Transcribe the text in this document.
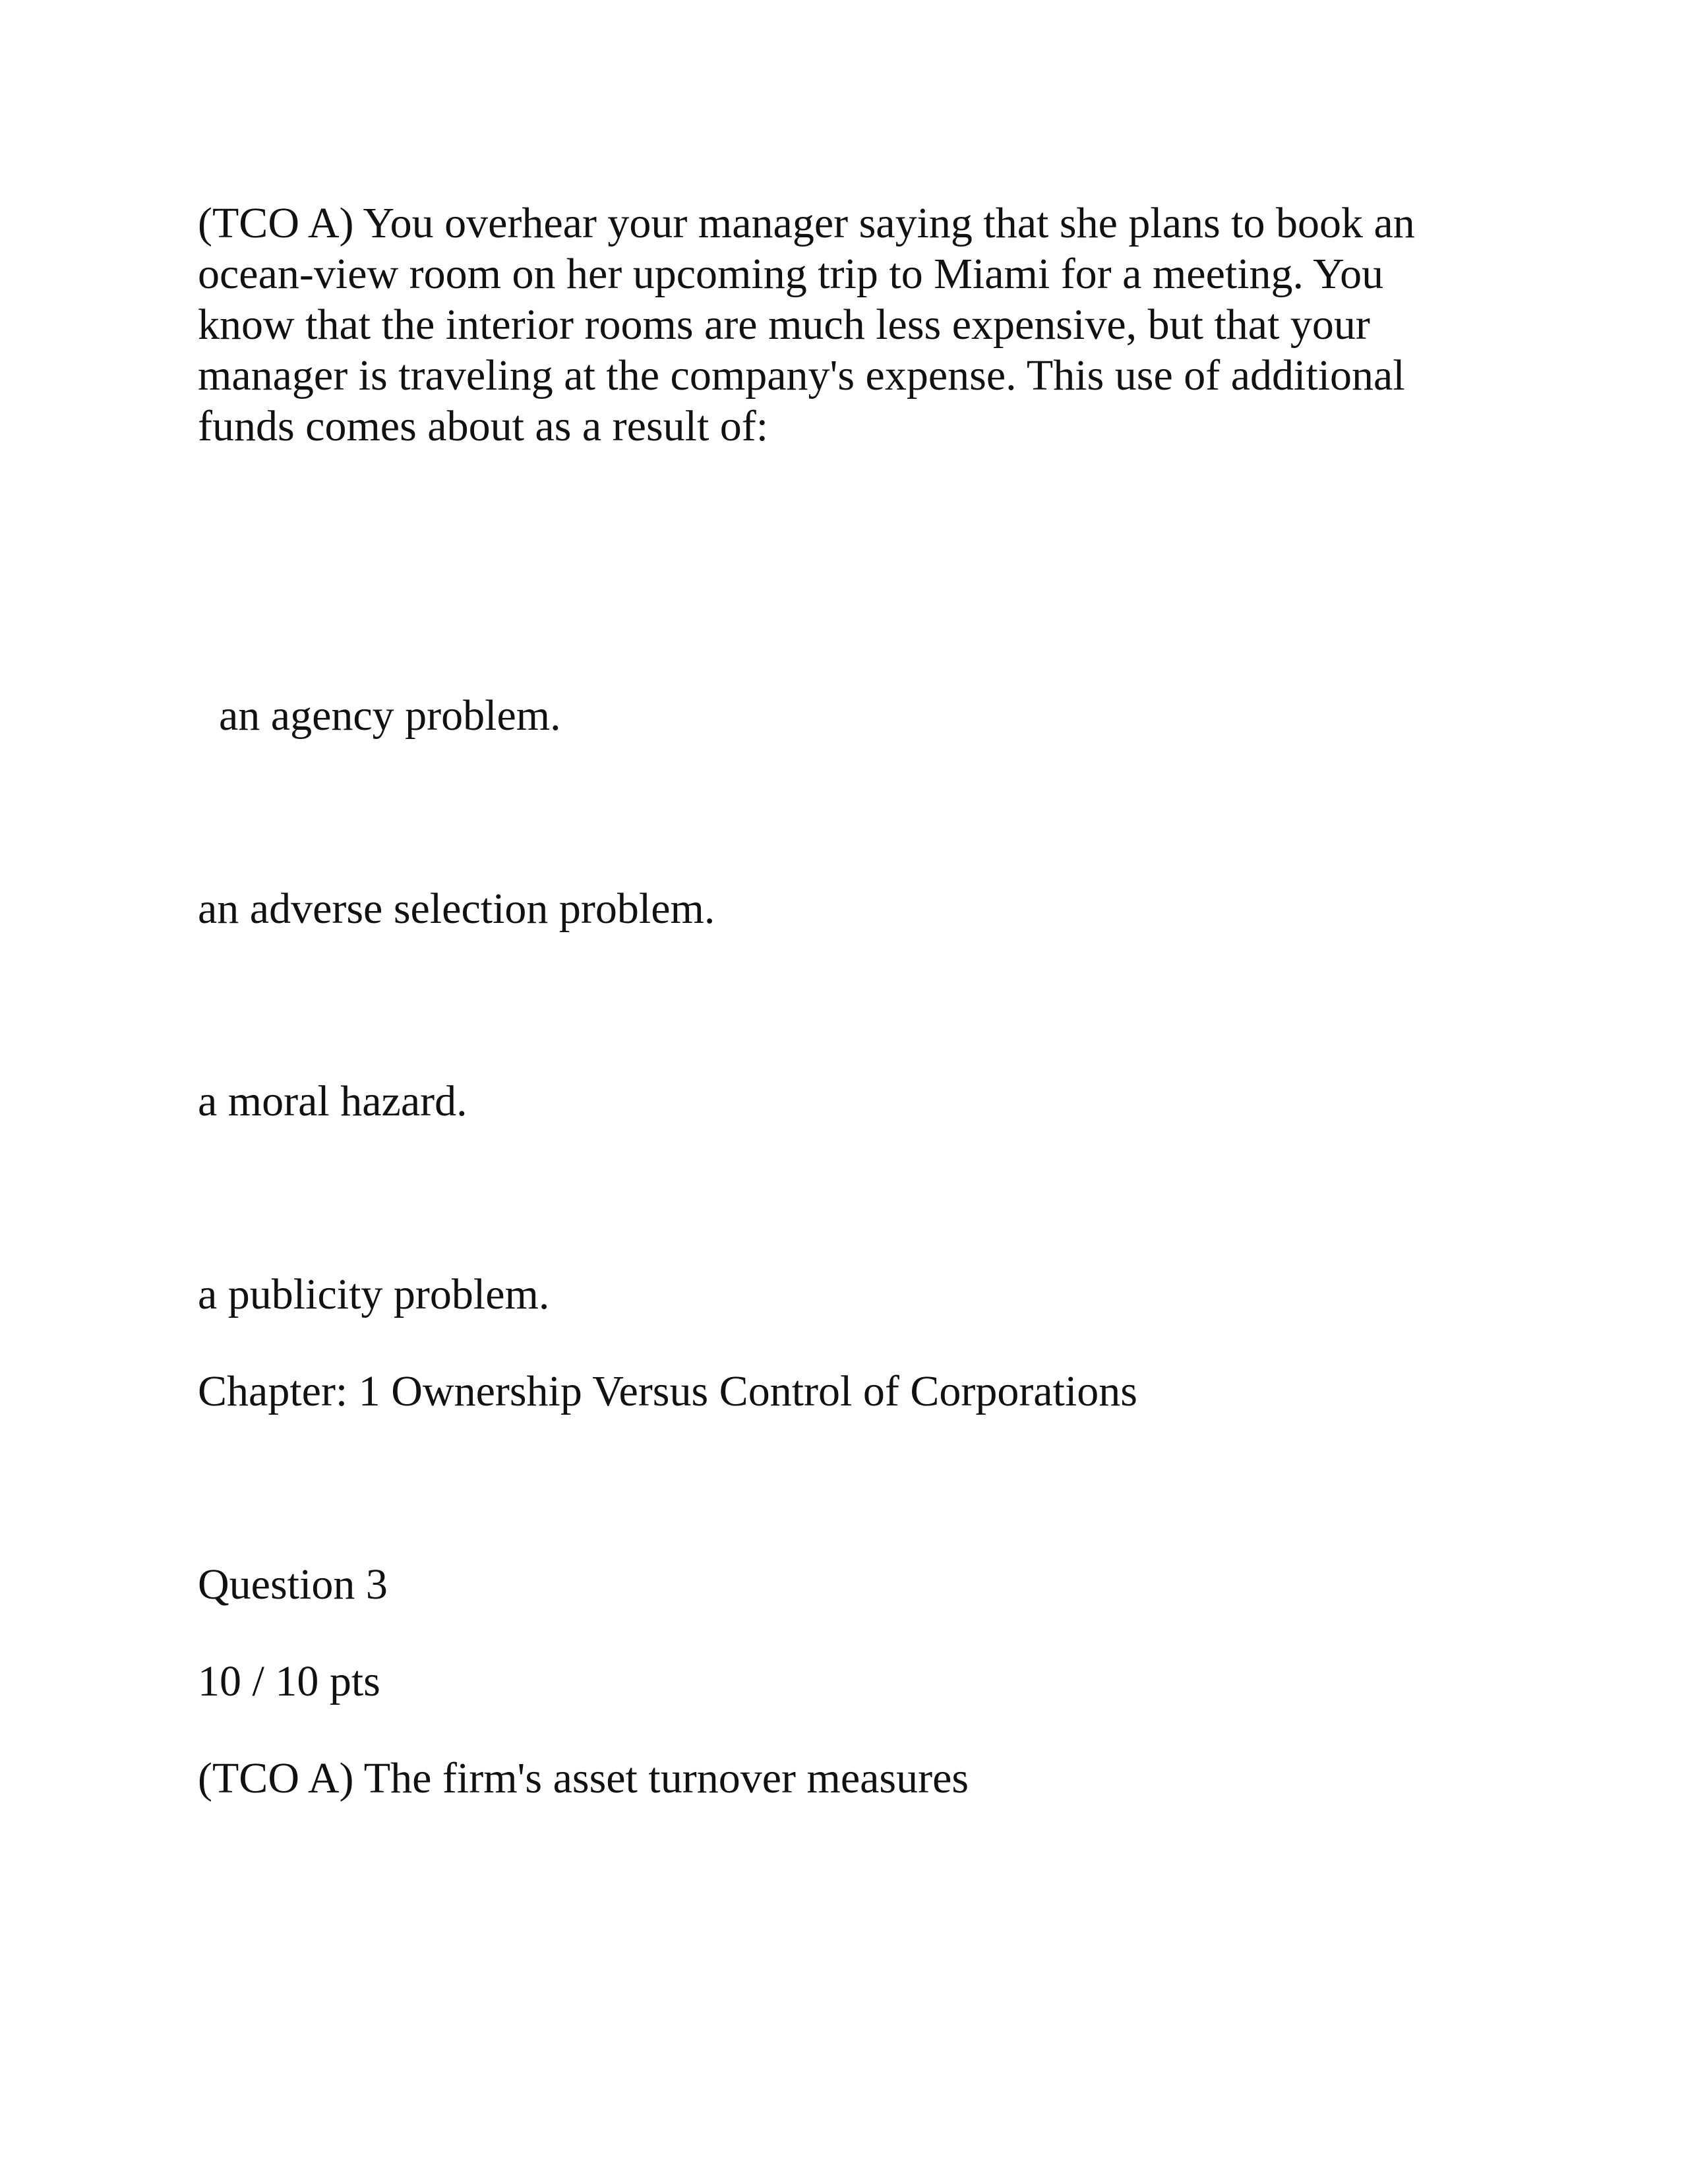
(TCO A) You overhear your manager saying that she plans to book an
ocean-view room on her upcoming trip to Miami for a meeting. You
know that the interior rooms are much less expensive, but that your
manager is traveling at the company's expense. This use of additional
funds comes about as a result of:

an agency problem.

an adverse selection problem.

a moral hazard.

a publicity problem.

Chapter: 1 Ownership Versus Control of Corporations

Question 3

10 / 10 pts

(TCO A) The firm's asset turnover measures
